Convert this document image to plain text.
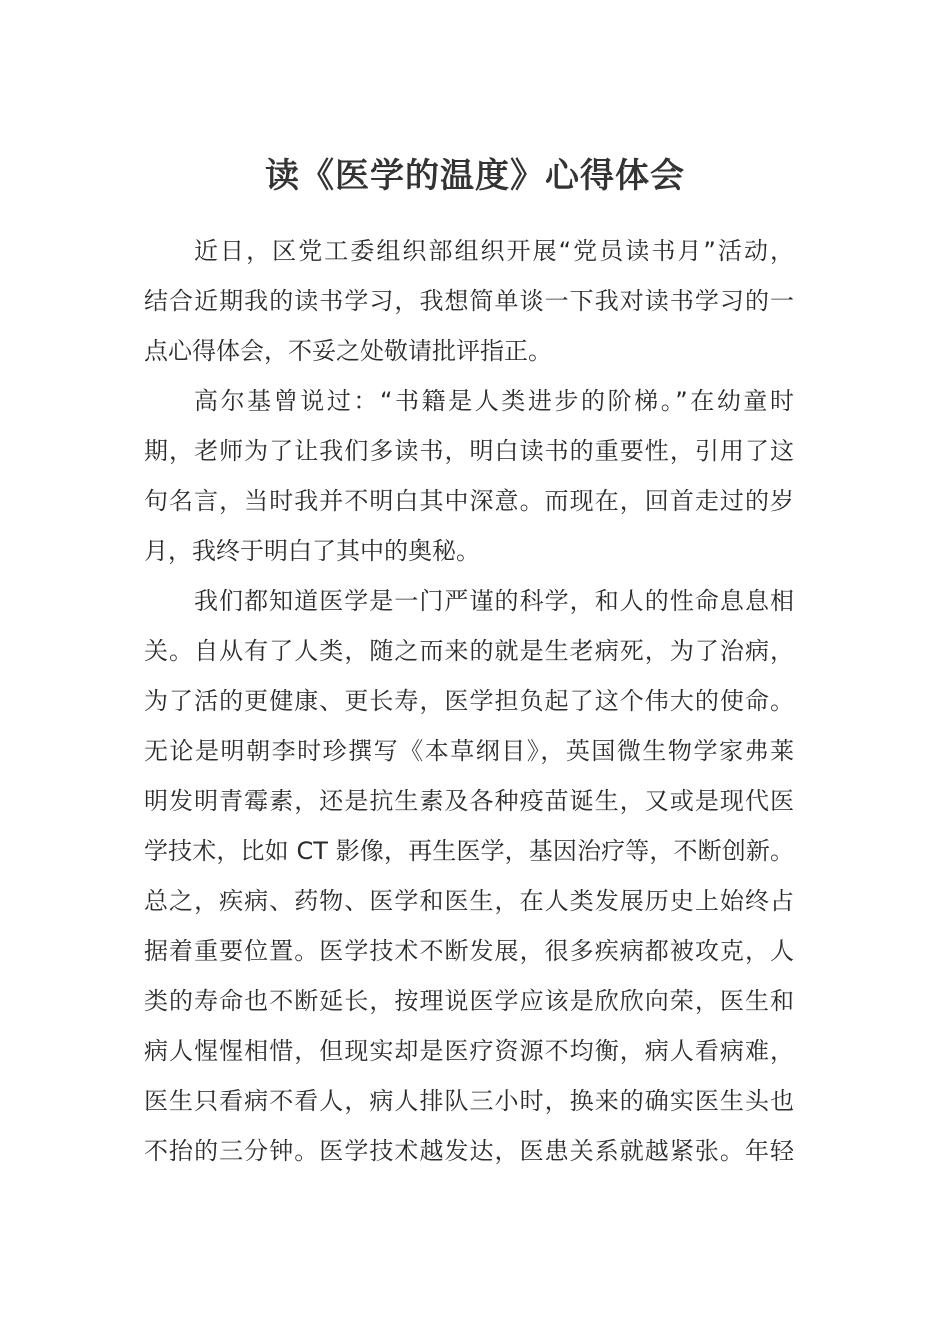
读《医学的温度》心得体会
近日，区党工委组织部组织开展“党员读书月”活动，
结合近期我的读书学习，我想简单谈一下我对读书学习的一
点心得体会，不妥之处敬请批评指正。
高尔基曾说过：“书籍是人类进步的阶梯。”在幼童时
期，老师为了让我们多读书，明白读书的重要性，引用了这
句名言，当时我并不明白其中深意。而现在，回首走过的岁
月，我终于明白了其中的奥秘。
我们都知道医学是一门严谨的科学，和人的性命息息相
关。自从有了人类，随之而来的就是生老病死，为了治病，
为了活的更健康、更长寿，医学担负起了这个伟大的使命。
无论是明朝李时珍撰写《本草纲目》，英国微生物学家弗莱
明发明青霉素，还是抗生素及各种疫苗诞生，又或是现代医
学技术，比如 CT 影像，再生医学，基因治疗等，不断创新。
总之，疾病、药物、医学和医生，在人类发展历史上始终占
据着重要位置。医学技术不断发展，很多疾病都被攻克，人
类的寿命也不断延长，按理说医学应该是欣欣向荣，医生和
病人惺惺相惜，但现实却是医疗资源不均衡，病人看病难，
医生只看病不看人，病人排队三小时，换来的确实医生头也
不抬的三分钟。医学技术越发达，医患关系就越紧张。年轻
